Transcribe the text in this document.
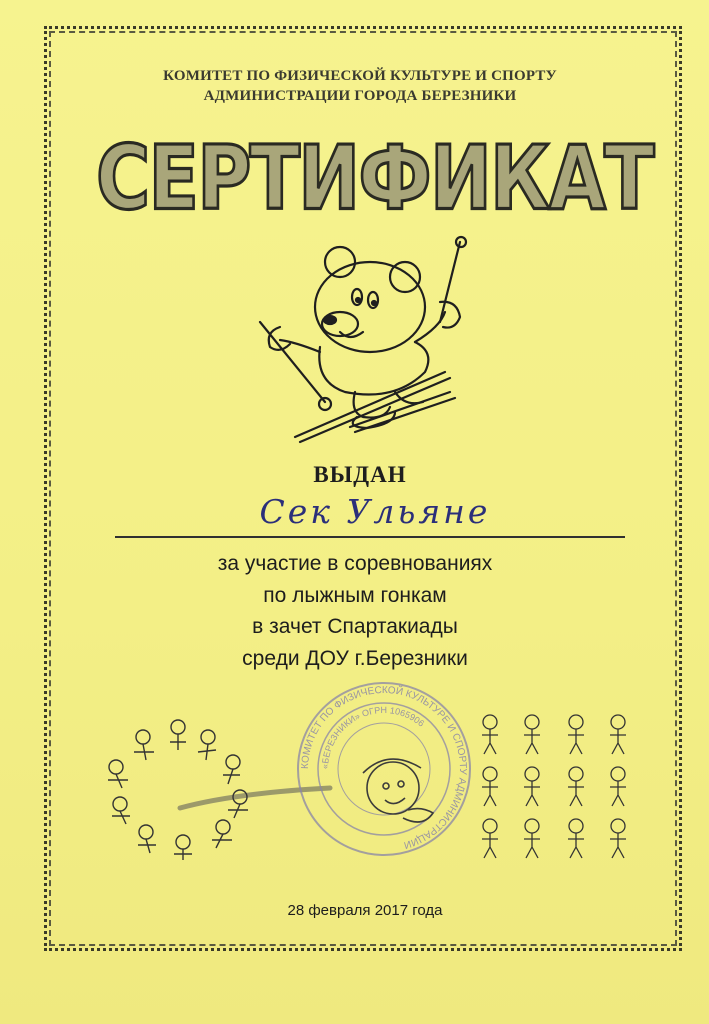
КОМИТЕТ ПО ФИЗИЧЕСКОЙ КУЛЬТУРЕ И СПОРТУ
АДМИНИСТРАЦИИ ГОРОДА БЕРЕЗНИКИ
СЕРТИФИКАТ
ВЫДАН
Сек Ульяне
за участие в соревнованиях
по лыжным гонкам
в зачет Спартакиады
среди ДОУ г.Березники
КОМИТЕТ ПО ФИЗИЧЕСКОЙ КУЛЬТУРЕ И СПОРТУ АДМИНИСТРАЦИИ
«БЕРЕЗНИКИ» ОГРН 1065906
28 февраля 2017 года
